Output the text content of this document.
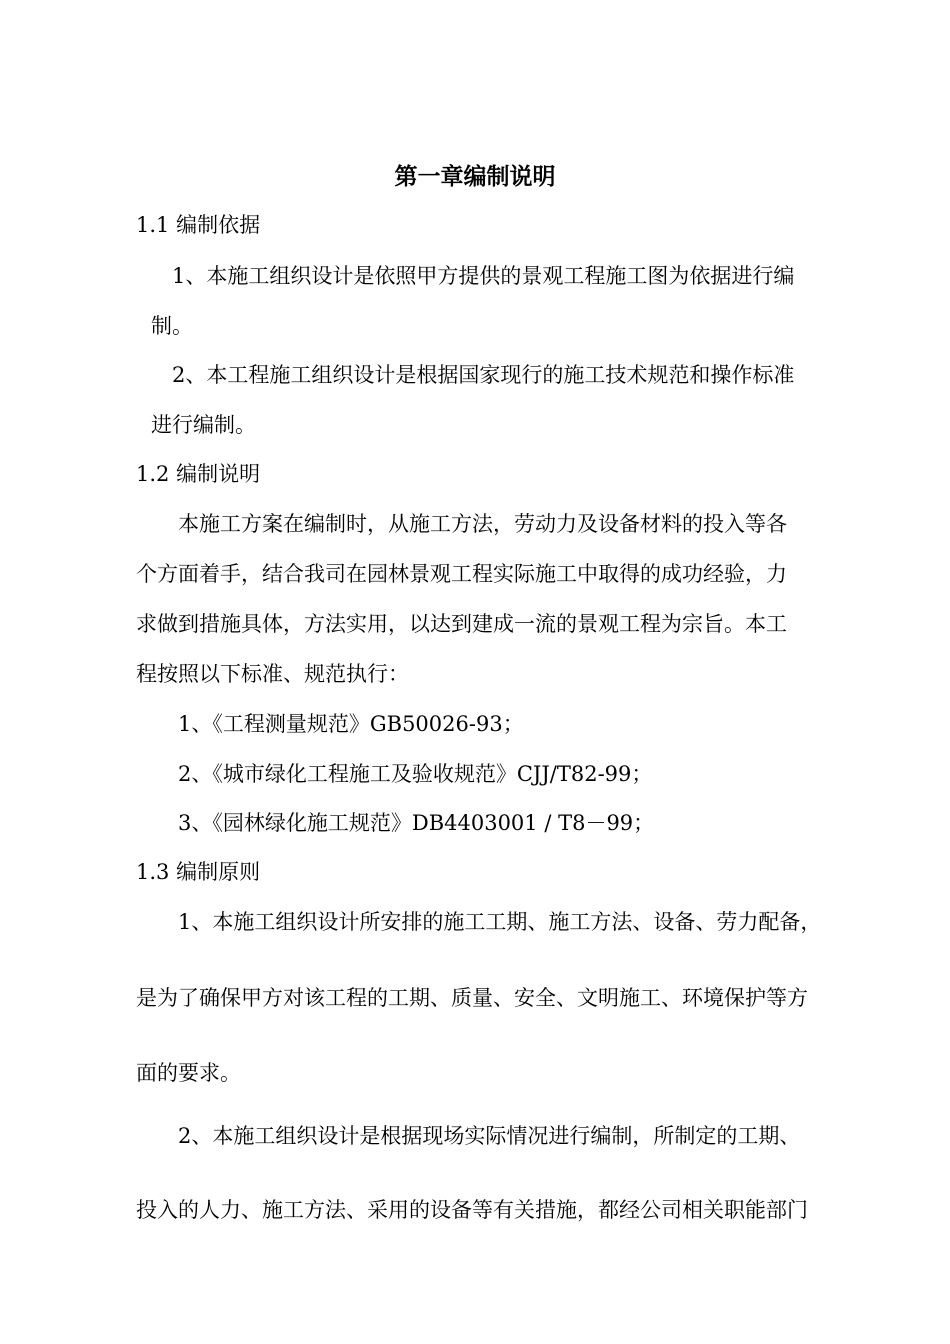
第一章编制说明
1.1 编制依据
1、本施工组织设计是依照甲方提供的景观工程施工图为依据进行编
制。
2、本工程施工组织设计是根据国家现行的施工技术规范和操作标准
进行编制。
1.2 编制说明
本施工方案在编制时，从施工方法，劳动力及设备材料的投入等各
个方面着手，结合我司在园林景观工程实际施工中取得的成功经验，力
求做到措施具体，方法实用，以达到建成一流的景观工程为宗旨。本工
程按照以下标准、规范执行：
1、《工程测量规范》GB50026-93；
2、《城市绿化工程施工及验收规范》CJJ/T82-99；
3、《园林绿化施工规范》DB4403001 / T8－99；
1.3 编制原则
1、本施工组织设计所安排的施工工期、施工方法、设备、劳力配备，
是为了确保甲方对该工程的工期、质量、安全、文明施工、环境保护等方
面的要求。
2、本施工组织设计是根据现场实际情况进行编制，所制定的工期、
投入的人力、施工方法、采用的设备等有关措施，都经公司相关职能部门
